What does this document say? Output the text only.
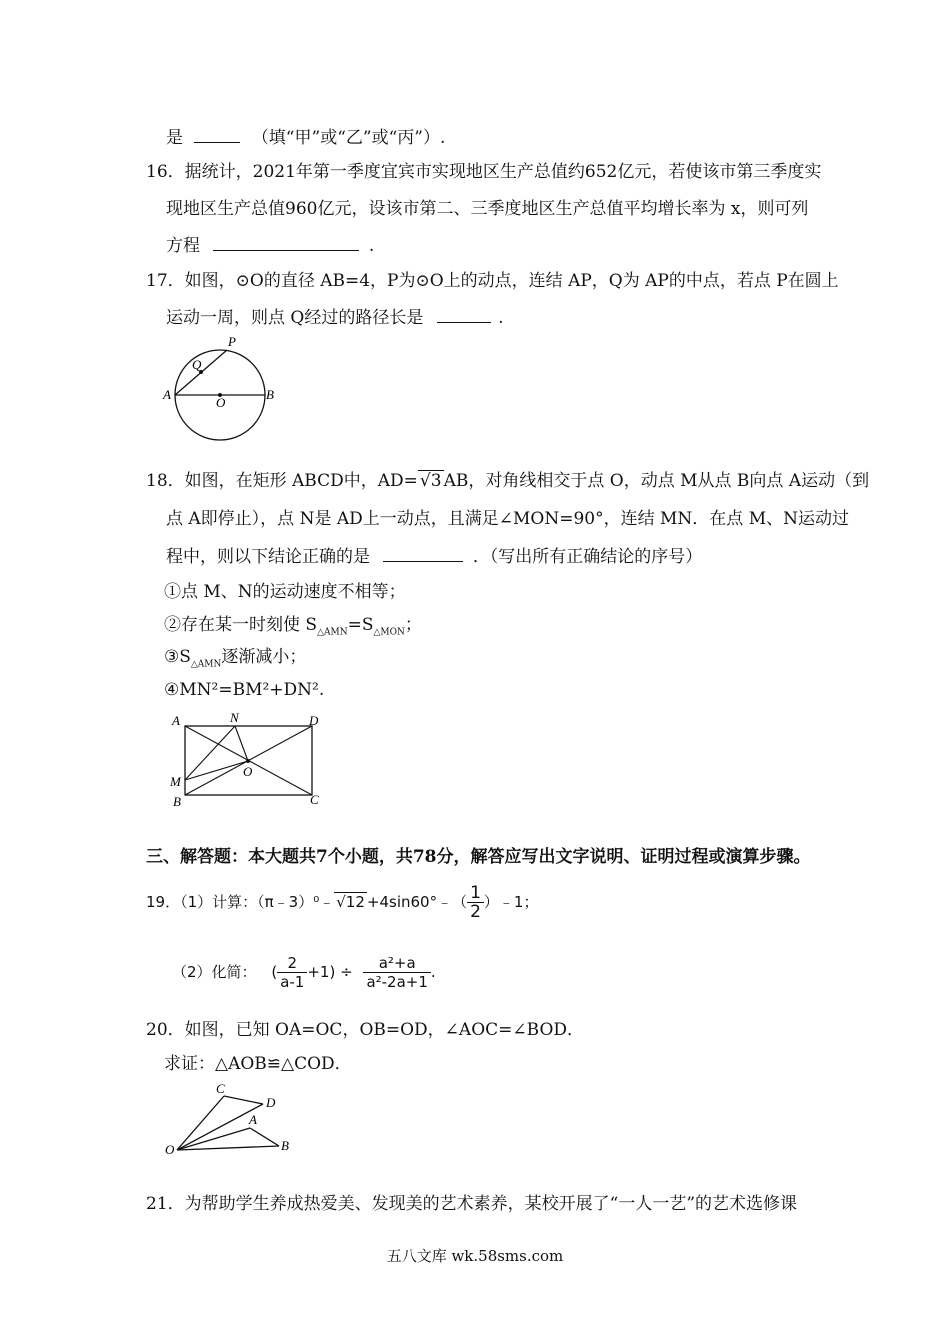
是	（填“甲”或“乙”或“丙”）.
16．据统计，2021年第一季度宜宾市实现地区生产总值约652亿元，若使该市第三季度实
现地区生产总值960亿元，设该市第二、三季度地区生产总值平均增长率为 x，则可列
方程	.
17．如图，⊙O的直径 AB=4，P为⊙O上的动点，连结 AP，Q为 AP的中点，若点 P在圆上
运动一周，则点 Q经过的路径长是	.
P
Q
A
O
B
18．如图，在矩形 ABCD中，AD= √3 AB，对角线相交于点 O，动点 M从点 B向点 A运动（到
点 A即停止），点 N是 AD上一动点，且满足∠MON=90°，连结 MN．在点 M、N运动过
程中，则以下结论正确的是	．（写出所有正确结论的序号）
①点 M、N的运动速度不相等；
②存在某一时刻使 $S_{\triangle AMN}=S_{\triangle MON}$；
$③S_{\triangle AMN}$逐渐减小；
④MN²=BM²+DN².
A	N	D
M
O
B	C
三、解答题：本大题共7个小题，共78分，解答应写出文字说明、证明过程或演算步骤。
19．（1）计算：（π﹣3）⁰﹣ √12 +4sin60°﹣（ $\frac{1}{2}$ ）﹣1；
（2）化简： ( $\frac{2}{a-1} +1) \div \frac{\text{a²+a}}{\text{a²-2a+1}}$ .
20．如图，已知 OA=OC，OB=OD，∠AOC=∠BOD．
求证：△AOB≌△COD．
C
D
A
O	B
21．为帮助学生养成热爱美、发现美的艺术素养，某校开展了“一人一艺”的艺术选修课
五八文库 wk.58sms.com
